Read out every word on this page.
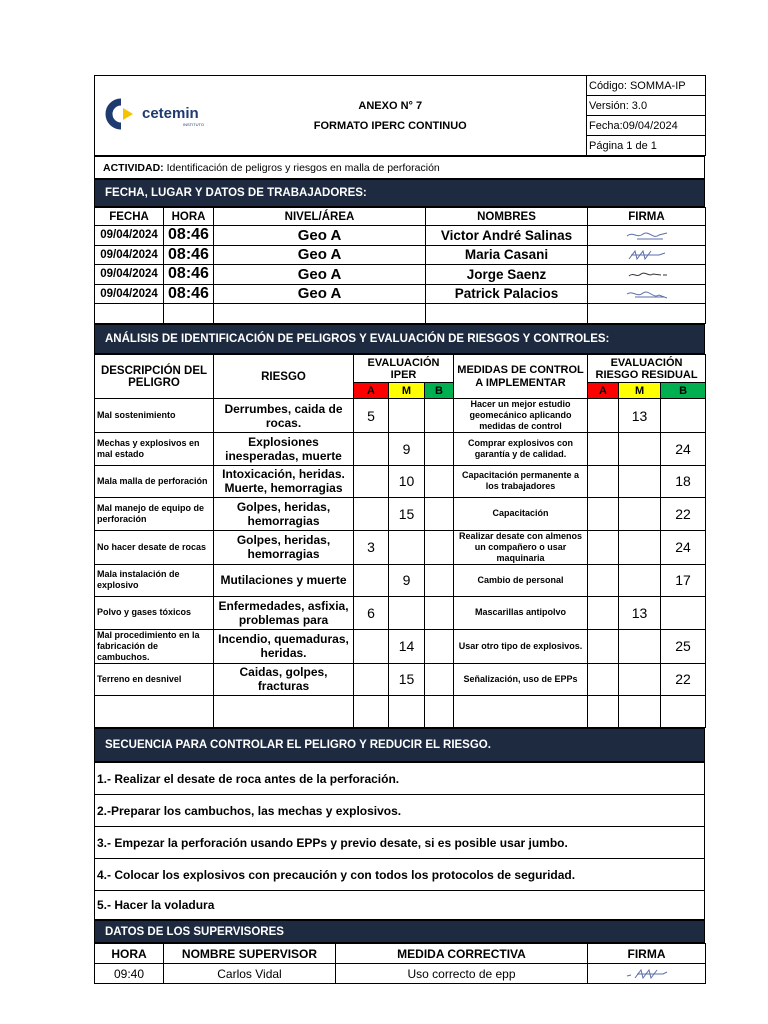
cetemin
INSTITUTO

ANEXO N° 7
FORMATO IPERC CONTINUO
	Código: SOMMA-IP
Versión: 3.0
Fecha:09/04/2024
Página 1 de 1
ACTIVIDAD: Identificación de peligros y riesgos en malla de perforación
FECHA, LUGAR Y DATOS DE TRABAJADORES:
FECHA	HORA	NIVEL/ÁREA	NOMBRES	FIRMA
09/04/2024	08:46	Geo A	Victor André Salinas	

09/04/2024	08:46	Geo A	Maria Casani	

09/04/2024	08:46	Geo A	Jorge Saenz	

09/04/2024	08:46	Geo A	Patrick Palacios	

ANÁLISIS DE IDENTIFICACIÓN DE PELIGROS Y EVALUACIÓN DE RIESGOS Y CONTROLES:
DESCRIPCIÓN DEL PELIGRO	RIESGO	EVALUACIÓN IPER			MEDIDAS DE CONTROL A IMPLEMENTAR	EVALUACIÓN RIESGO RESIDUAL		
		A	M	B		A	M	B
Mal sostenimiento	Derrumbes, caida de rocas.	5			Hacer un mejor estudio geomecánico aplicando medidas de control		13	
Mechas y explosivos en mal estado	Explosiones inesperadas, muerte		9		Comprar explosivos con garantía y de calidad.			24
Mala malla de perforación	Intoxicación, heridas. Muerte, hemorragias		10		Capacitación permanente a los trabajadores			18
Mal manejo de equipo de perforación	Golpes, heridas, hemorragias		15		Capacitación			22
No hacer desate de rocas	Golpes, heridas, hemorragias	3			Realizar desate con almenos un compañero o usar maquinaria			24
Mala instalación de explosivo	Mutilaciones y muerte		9		Cambio de personal			17
Polvo y gases tóxicos	Enfermedades, asfixia, problemas para	6			Mascarillas antipolvo		13	
Mal procedimiento en la fabricación de cambuchos.	Incendio, quemaduras, heridas.		14		Usar otro tipo de explosivos.			25
Terreno en desnivel	Caidas, golpes, fracturas		15		Señalización, uso de EPPs			22

SECUENCIA PARA CONTROLAR EL PELIGRO Y REDUCIR EL RIESGO.
1.- Realizar el desate de roca antes de la perforación.
2.-Preparar los cambuchos, las mechas y explosivos.
3.- Empezar la perforación usando EPPs y previo desate, si es posible usar jumbo.
4.- Colocar los explosivos con precaución y con todos los protocolos de seguridad.
5.- Hacer la voladura
DATOS DE LOS SUPERVISORES
HORA	NOMBRE SUPERVISOR	MEDIDA CORRECTIVA	FIRMA
09:40	Carlos Vidal	Uso correcto de epp	
